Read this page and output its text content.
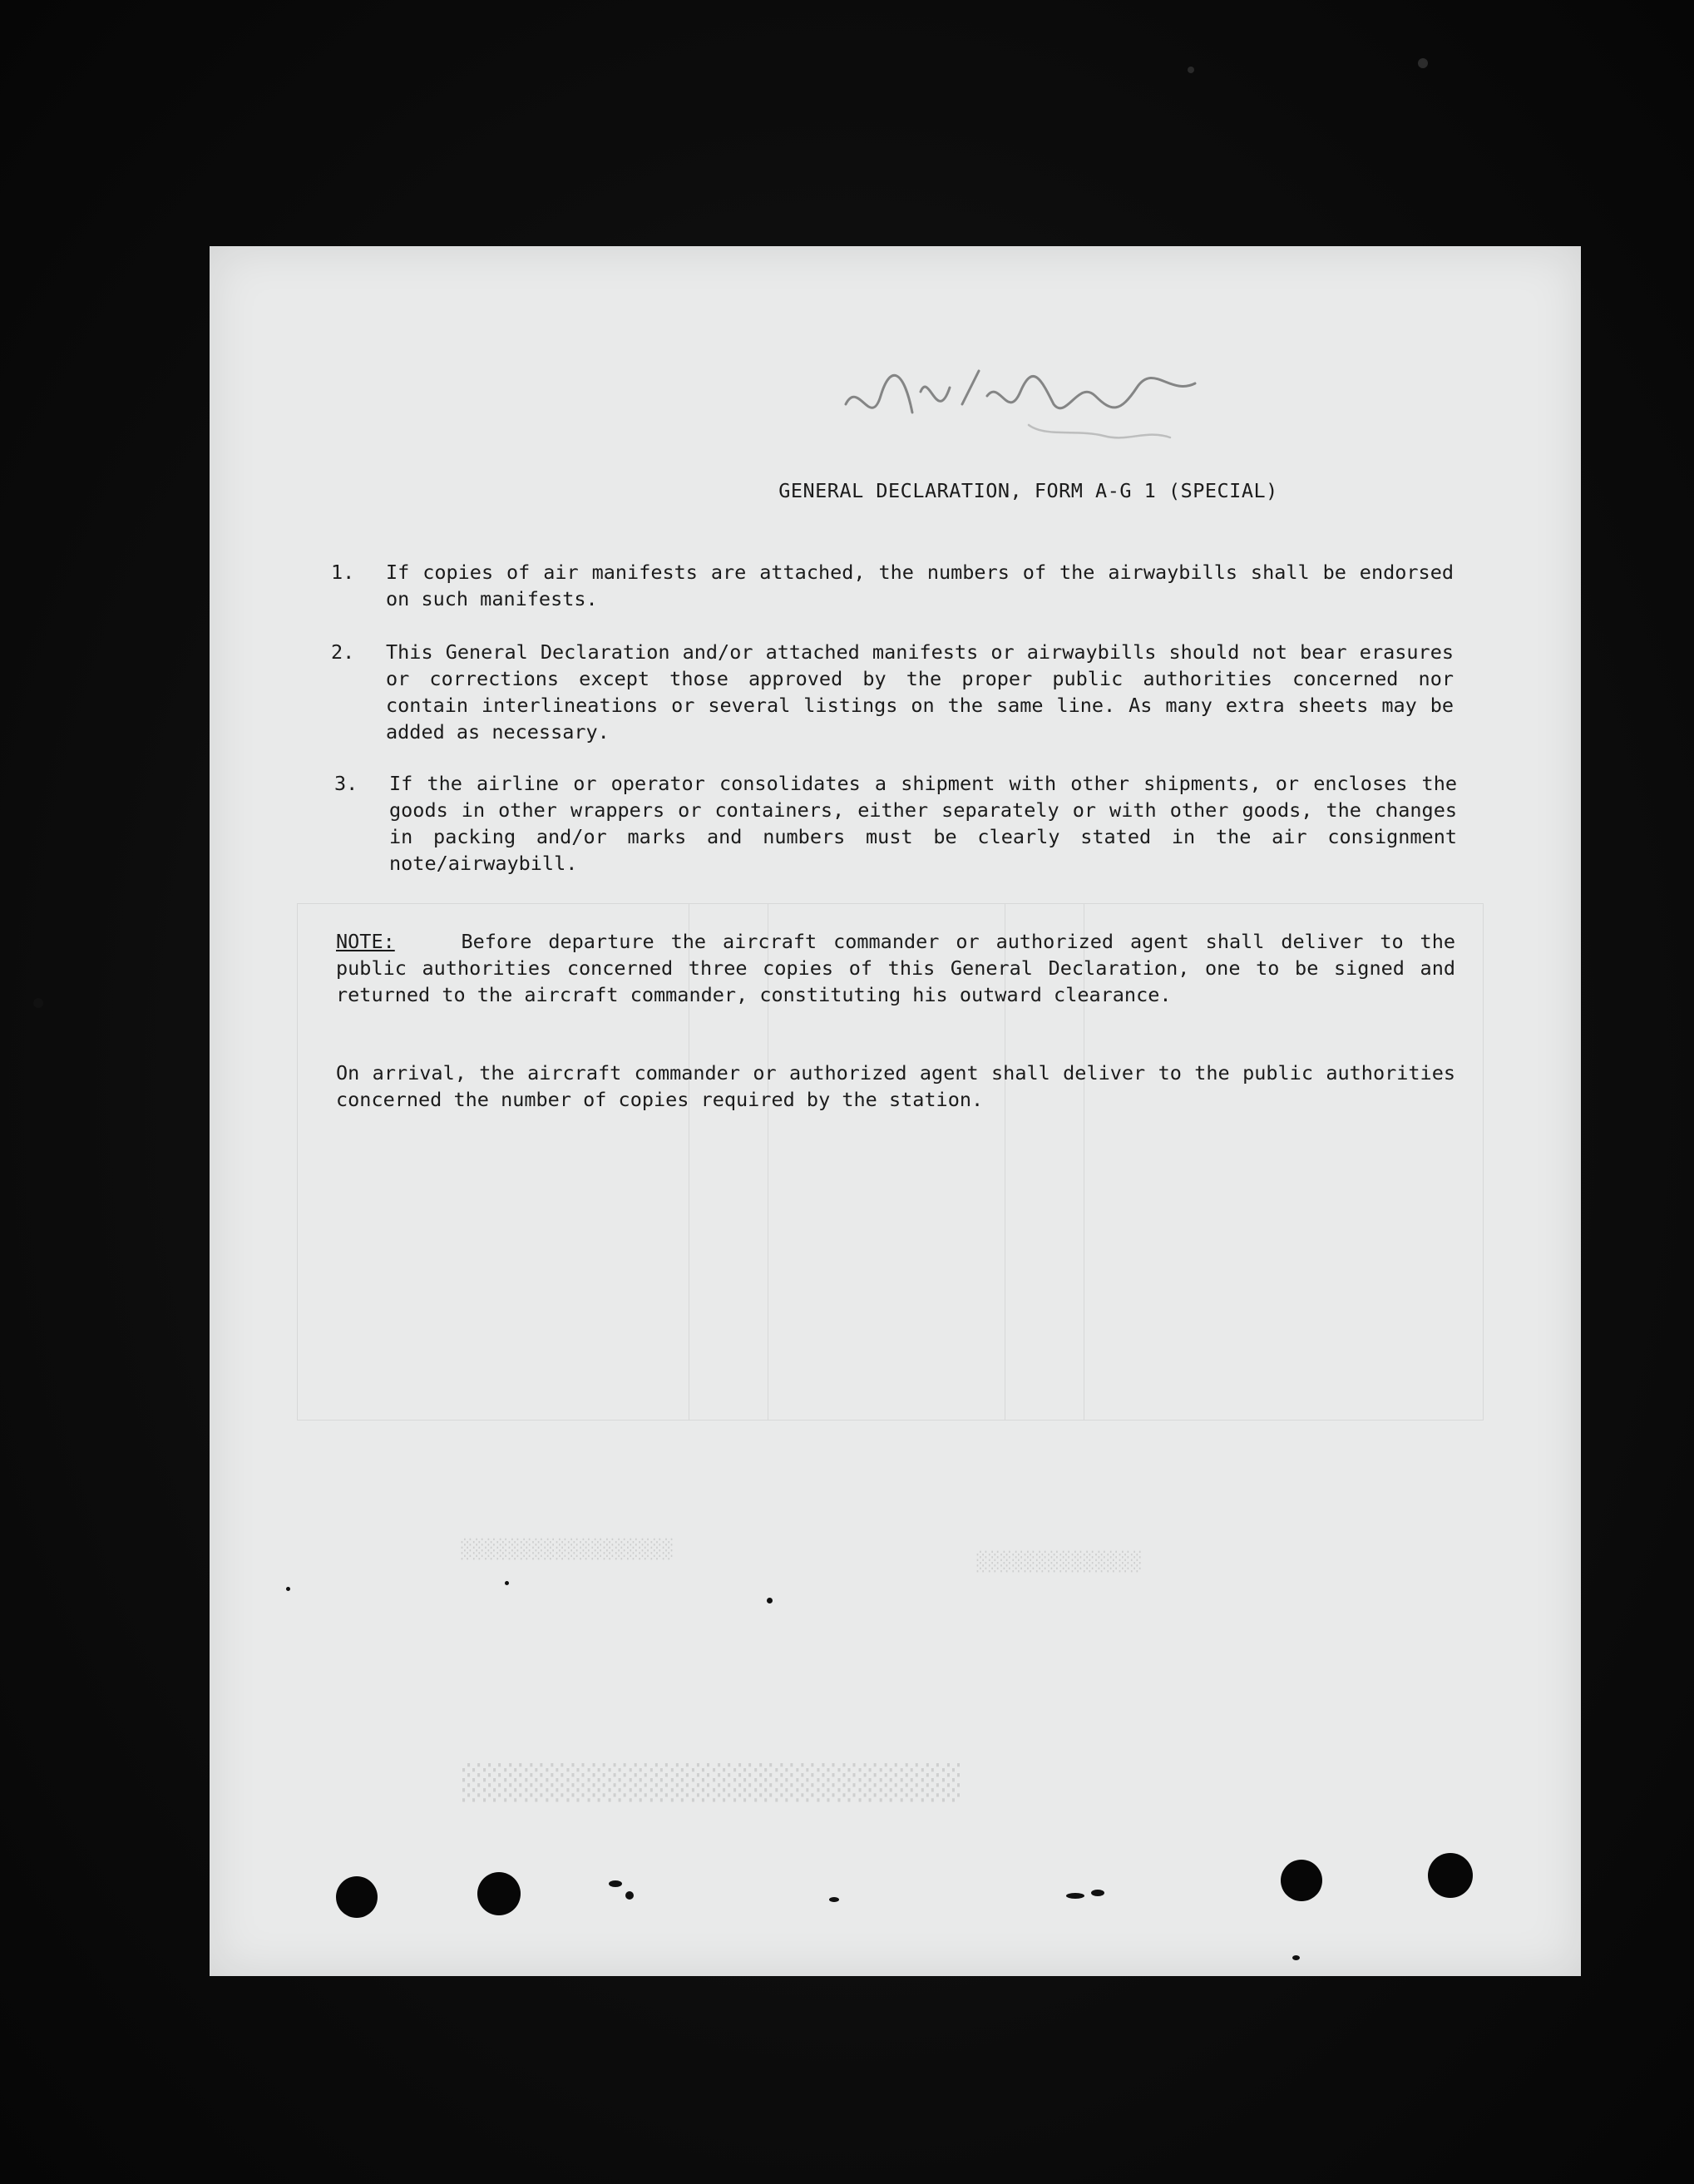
░░░░░░░░░░░░░░░░░░
░░░░░░░░░░░░░░
░░░░░░░░░░░░░░░░░░░░░░░░
GENERAL DECLARATION, FORM A-G 1 (SPECIAL)
1.	If copies of air manifests are attached, the numbers of the airwaybills shall be endorsed on such manifests.
2.	This General Declaration and/or attached manifests or airwaybills should not bear erasures or corrections except those approved by the proper public authorities concerned nor contain interlineations or several listings on the same line. As many extra sheets may be added as necessary.
3.	If the airline or operator consolidates a shipment with other shipments, or encloses the goods in other wrappers or containers, either separately or with other goods, the changes in packing and/or marks and numbers must be clearly stated in the air consignment note/airwaybill.
NOTE:	Before departure the aircraft commander or authorized agent shall deliver to the public authorities concerned three copies of this General Declaration, one to be signed and returned to the aircraft commander, constituting his outward clearance.
On arrival, the aircraft commander or authorized agent shall deliver to the public authorities concerned the number of copies required by the station.
